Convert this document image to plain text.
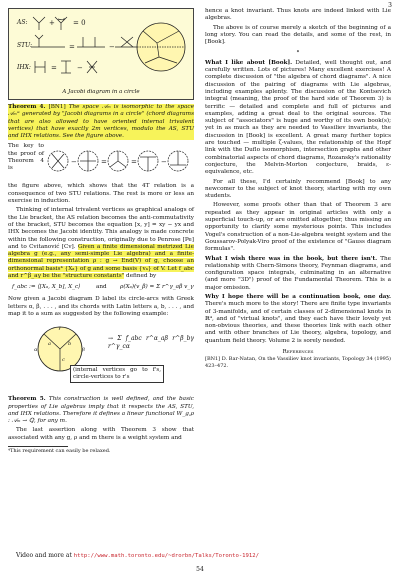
3
+	= 0
=	−
=	−
AS:
STU:
IHX:
A Jacobi diagram in a circle

Theorem 4. [BN1] The space 𝒜ₘ is isomorphic to the space 𝒜ₘʷ generated by "Jacobi diagrams in a circle" (chord diagrams that are also allowed to have oriented internal trivalent vertices) that have exactly 2m vertices, modulo the AS, STU and IHX relations. See the figure above.

The key to the proof of Theorem 4 is
−	=	=	−

the figure above, which shows that the 4T relation is a consequence of two STU relations. The rest is more or less an exercise in induction.

Thinking of internal trivalent vertices as graphical analogs of the Lie bracket, the AS relation becomes the anti-commutativity of the bracket, STU becomes the equation [x, y] = xy − yx and IHX becomes the Jacobi identity. This analogy is made concrete within the following construction, originally due to Penrose [Pe] and to Cvitanović [Cv]. Given a finite dimensional metrized Lie algebra g (e.g., any semi-simple Lie algebra) and a finite-dimensional representation ρ : g → End(V) of g, choose an orthonormal basis⁴ {Xₐ} of g and some basis {vₐ} of V. Let f_abc and r^β_aγ be the "structure constants" defined by

f_abc := ⟨[Xₐ, X_b], X_c⟩	and ρ(Xₐ)(v_β) = Σ r^γ_aβ v_γ

Now given a Jacobi diagram D label its circle-arcs with Greek letters α, β, . . . , and its chords with Latin letters a, b, . . . , and map it to a sum as suggested by the following example:

a	b
c
α	β
γ
→ Σ f_abc r^α_aβ r^β_bγ r^γ_cα
(internal vertices go to f's, circle-vertices to r's

Theorem 5. This construction is well defined, and the basic properties of Lie algebras imply that it respects the AS, STU, and IHX relations. Therefore it defines a linear functional W_g,ρ : 𝒜ₘ → ℚ, for any m.

The last assertion along with Theorem 3 show that associated with any g, ρ and m there is a weight system and

⁴This requirement can easily be relaxed.

hence a knot invariant. Thus knots are indeed linked with Lie algebras.

The above is of course merely a sketch of the beginning of a long story. You can read the details, and some of the rest, in [Book].

•

What I like about [Book]. Detailed, well thought out, and carefully written. Lots of pictures! Many excellent exercises! A complete discussion of "the algebra of chord diagrams". A nice discussion of the pairing of diagrams with Lie algebras, including examples aplenty. The discussion of the Kontsevich integral (meaning, the proof of the hard side of Theorem 3) is terrific — detailed and complete and full of pictures and examples, adding a great deal to the original sources. The subject of "associators" is huge and worthy of its own book(s); yet in as much as they are needed to Vassiliev invariants, the discussion in [Book] is excellent. A great many further topics are touched — multiple ζ-values, the relationship of the Hopf link with the Duflo isomorphism, intersection graphs and other combinatorial aspects of chord diagrams, Rozansky's rationality conjecture, the Melvin-Morton conjecture, braids, ε-equivalence, etc.

For all these, I'd certainly recommend [Book] to any newcomer to the subject of knot theory, starting with my own students.

However, some proofs other than that of Theorem 3 are repeated as they appear in original articles with only a superficial touch-up, or are omitted altogether, thus missing an opportunity to clarify some mysterious points. This includes Vogel's construction of a non-Lie-algebra weight system and the Goussarov-Polyak-Viro proof of the existence of "Gauss diagram formulas".

What I wish there was in the book, but there isn't. The relationship with Chern-Simons theory, Feynman diagrams, and configuration space integrals, culminating in an alternative (and more "3D") proof of the Fundamental Theorem. This is a major omission.

Why I hope there will be a continuation book, one day. There's much more to the story! There are finite type invariants of 3-manifolds, and of certain classes of 2-dimensional knots in ℝ⁴, and of "virtual knots", and they each have their lovely yet non-obvious theories, and these theories link with each other and with other branches of Lie theory, algebra, topology, and quantum field theory. Volume 2 is sorely needed.

References
[BN1] D. Bar-Natan, On the Vassiliev knot invariants, Topology 34 (1995) 423–472.
Video and more at http://www.math.toronto.edu/~drorbn/Talks/Toronto-1912/
54
